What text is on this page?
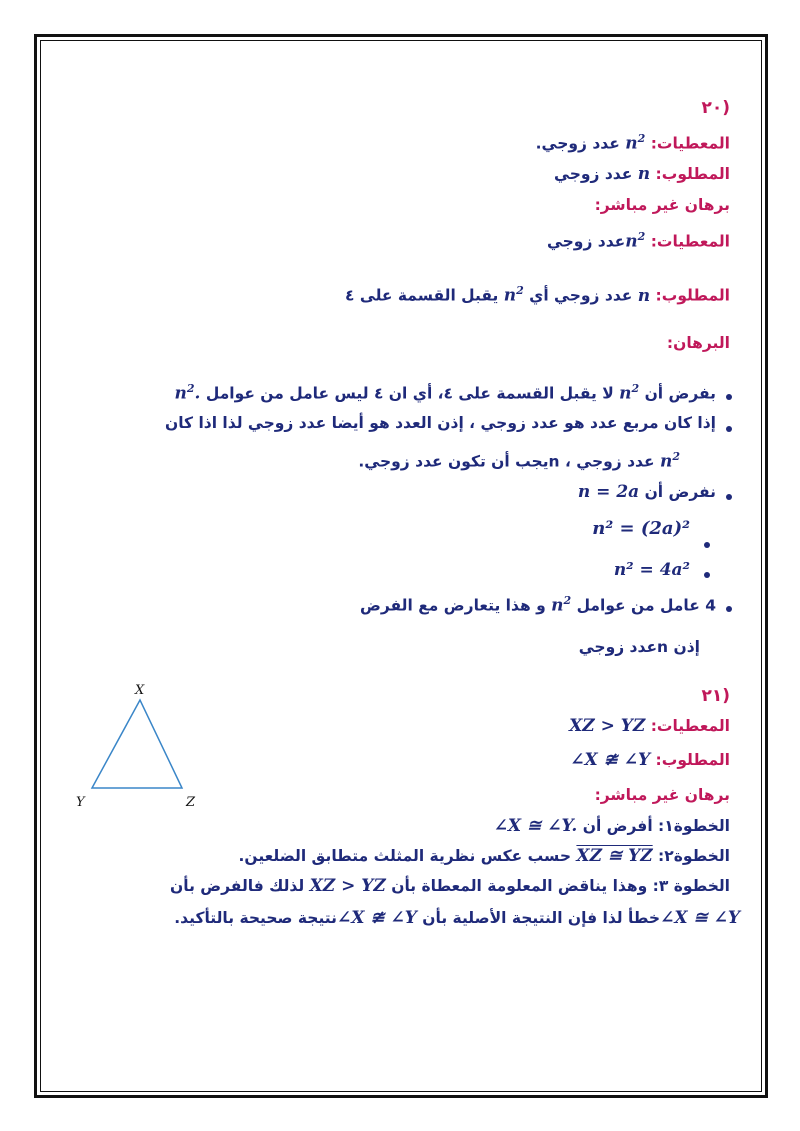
(٢٠
المعطيات: $n^2$ عدد زوجي.
المطلوب: n عدد زوجي
برهان غير مباشر:
المعطيات: $n^2عدد$ زوجي
المطلوب: n عدد زوجي أي $n^2$ يقبل القسمة على ٤
البرهان:
بفرض أن $n^2$ لا يقبل القسمة على ٤، أي ان ٤ ليس عامل من عوامل $n^2$.
إذا كان مربع عدد هو عدد زوجي ، إذن العدد هو أيضا عدد زوجي لذا اذا كان
$n^2$ عدد زوجي ، nيجب أن تكون عدد زوجي.
نفرض أن n = 2a
n² = (2a)²
n² = 4a²
4 عامل من عوامل $n^2$ و هذا يتعارض مع الفرض
إذن nعدد زوجي
(٢١
المعطيات: XZ > YZ
المطلوب: ∠X ≇ ∠Y
برهان غير مباشر:
الخطوة١: أفرض أن ∠X ≅ ∠Y.
الخطوة٢: XZ ≅ YZ حسب عكس نظرية المثلث متطابق الضلعين.
الخطوة ٣: وهذا يناقض المعلومة المعطاة بأن XZ > YZ لذلك فالفرض بأن
∠X ≅ ∠Yخطأ لذا فإن النتيجة الأصلية بأن ∠X ≇ ∠Yنتيجة صحيحة بالتأكيد.
X
Y	Z
